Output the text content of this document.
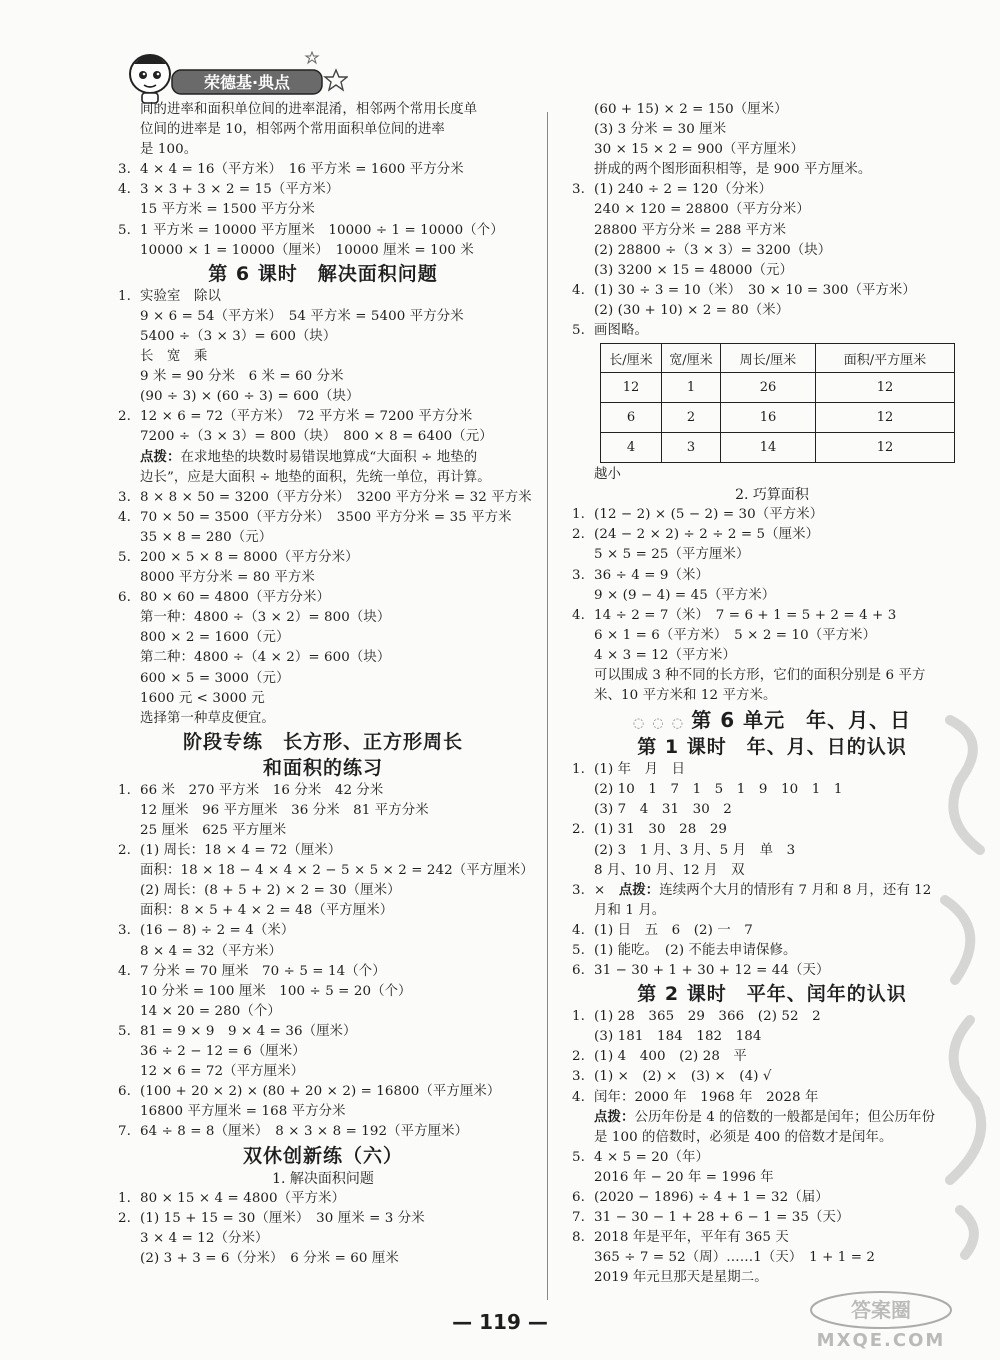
荣德基·典点
间的进率和面积单位间的进率混淆，相邻两个常用长度单
位间的进率是 10，相邻两个常用面积单位间的进率
是 100。
3. 4 × 4 = 16（平方米）　16 平方米 = 1600 平方分米
4. 3 × 3 + 3 × 2 = 15（平方米）
15 平方米 = 1500 平方分米
5. 1 平方米 = 10000 平方厘米　10000 ÷ 1 = 10000（个）
10000 × 1 = 10000（厘米）　10000 厘米 = 100 米
第 6 课时　解决面积问题
1. 实验室　除以
9 × 6 = 54（平方米）　54 平方米 = 5400 平方分米
5400 ÷（3 × 3）= 600（块）
长　宽　乘
9 米 = 90 分米　6 米 = 60 分米
(90 ÷ 3) × (60 ÷ 3) = 600（块）
2. 12 × 6 = 72（平方米）　72 平方米 = 7200 平方分米
7200 ÷（3 × 3）= 800（块）　800 × 8 = 6400（元）
点拨：在求地垫的块数时易错误地算成“大面积 ÷ 地垫的
边长”，应是大面积 ÷ 地垫的面积，先统一单位，再计算。
3. 8 × 8 × 50 = 3200（平方分米）　3200 平方分米 = 32 平方米
4. 70 × 50 = 3500（平方分米）　3500 平方分米 = 35 平方米
35 × 8 = 280（元）
5. 200 × 5 × 8 = 8000（平方分米）
8000 平方分米 = 80 平方米
6. 80 × 60 = 4800（平方分米）
第一种：4800 ÷（3 × 2）= 800（块）
800 × 2 = 1600（元）
第二种：4800 ÷（4 × 2）= 600（块）
600 × 5 = 3000（元）
1600 元 < 3000 元
选择第一种草皮便宜。
阶段专练　长方形、正方形周长
和面积的练习
1. 66 米　270 平方米　16 分米　42 分米
12 厘米　96 平方厘米　36 分米　81 平方分米
25 厘米　625 平方厘米
2. (1) 周长：18 × 4 = 72（厘米）
面积：18 × 18 − 4 × 4 × 2 − 5 × 5 × 2 = 242（平方厘米）
(2) 周长：(8 + 5 + 2) × 2 = 30（厘米）
面积：8 × 5 + 4 × 2 = 48（平方厘米）
3. (16 − 8) ÷ 2 = 4（米）
8 × 4 = 32（平方米）
4. 7 分米 = 70 厘米　70 ÷ 5 = 14（个）
10 分米 = 100 厘米　100 ÷ 5 = 20（个）
14 × 20 = 280（个）
5. 81 = 9 × 9　9 × 4 = 36（厘米）
36 ÷ 2 − 12 = 6（厘米）
12 × 6 = 72（平方厘米）
6. (100 + 20 × 2) × (80 + 20 × 2) = 16800（平方厘米）
16800 平方厘米 = 168 平方分米
7. 64 ÷ 8 = 8（厘米）　8 × 3 × 8 = 192（平方厘米）
双休创新练（六）
1. 解决面积问题
1. 80 × 15 × 4 = 4800（平方米）
2. (1) 15 + 15 = 30（厘米）　30 厘米 = 3 分米
3 × 4 = 12（分米）
(2) 3 + 3 = 6（分米）　6 分米 = 60 厘米
(60 + 15) × 2 = 150（厘米）
(3) 3 分米 = 30 厘米
30 × 15 × 2 = 900（平方厘米）
拼成的两个图形面积相等，是 900 平方厘米。
3. (1) 240 ÷ 2 = 120（分米）
240 × 120 = 28800（平方分米）
28800 平方分米 = 288 平方米
(2) 28800 ÷（3 × 3）= 3200（块）
(3) 3200 × 15 = 48000（元）
4. (1) 30 ÷ 3 = 10（米）　30 × 10 = 300（平方米）
(2) (30 + 10) × 2 = 80（米）
5. 画图略。
长/厘米	宽/厘米	周长/厘米	面积/平方厘米
12	1	26	12
6	2	16	12
4	3	14	12
越小
2. 巧算面积
1. (12 − 2) × (5 − 2) = 30（平方米）
2. (24 − 2 × 2) ÷ 2 ÷ 2 = 5（厘米）
5 × 5 = 25（平方厘米）
3. 36 ÷ 4 = 9（米）
9 × (9 − 4) = 45（平方米）
4. 14 ÷ 2 = 7（米）　7 = 6 + 1 = 5 + 2 = 4 + 3
6 × 1 = 6（平方米）　5 × 2 = 10（平方米）
4 × 3 = 12（平方米）
可以围成 3 种不同的长方形，它们的面积分别是 6 平方
米、10 平方米和 12 平方米。
◌ ◌ ◌ 第 6 单元　年、月、日
第 1 课时　年、月、日的认识
1. (1) 年　月　日
(2) 10　1　7　1　5　1　9　10　1　1
(3) 7　4　31　30　2
2. (1) 31　30　28　29
(2) 3　1 月、3 月、5 月　单　3
8 月、10 月、12 月　双
3. ×　点拨：连续两个大月的情形有 7 月和 8 月，还有 12
月和 1 月。
4. (1) 日　五　6　(2) 一　7
5. (1) 能吃。　(2) 不能去申请保修。
6. 31 − 30 + 1 + 30 + 12 = 44（天）
第 2 课时　平年、闰年的认识
1. (1) 28　365　29　366　(2) 52　2
(3) 181　184　182　184
2. (1) 4　400　(2) 28　平
3. (1) ×　(2) ×　(3) ×　(4) √
4. 闰年：2000 年　1968 年　2028 年
点拨：公历年份是 4 的倍数的一般都是闰年；但公历年份
是 100 的倍数时，必须是 400 的倍数才是闰年。
5. 4 × 5 = 20（年）
2016 年 − 20 年 = 1996 年
6. (2020 − 1896) ÷ 4 + 1 = 32（届）
7. 31 − 30 − 1 + 28 + 6 − 1 = 35（天）
8. 2018 年是平年，平年有 365 天
365 ÷ 7 = 52（周）……1（天）　1 + 1 = 2
2019 年元旦那天是星期二。
— 119 —	答案圈
MXQE.COM
